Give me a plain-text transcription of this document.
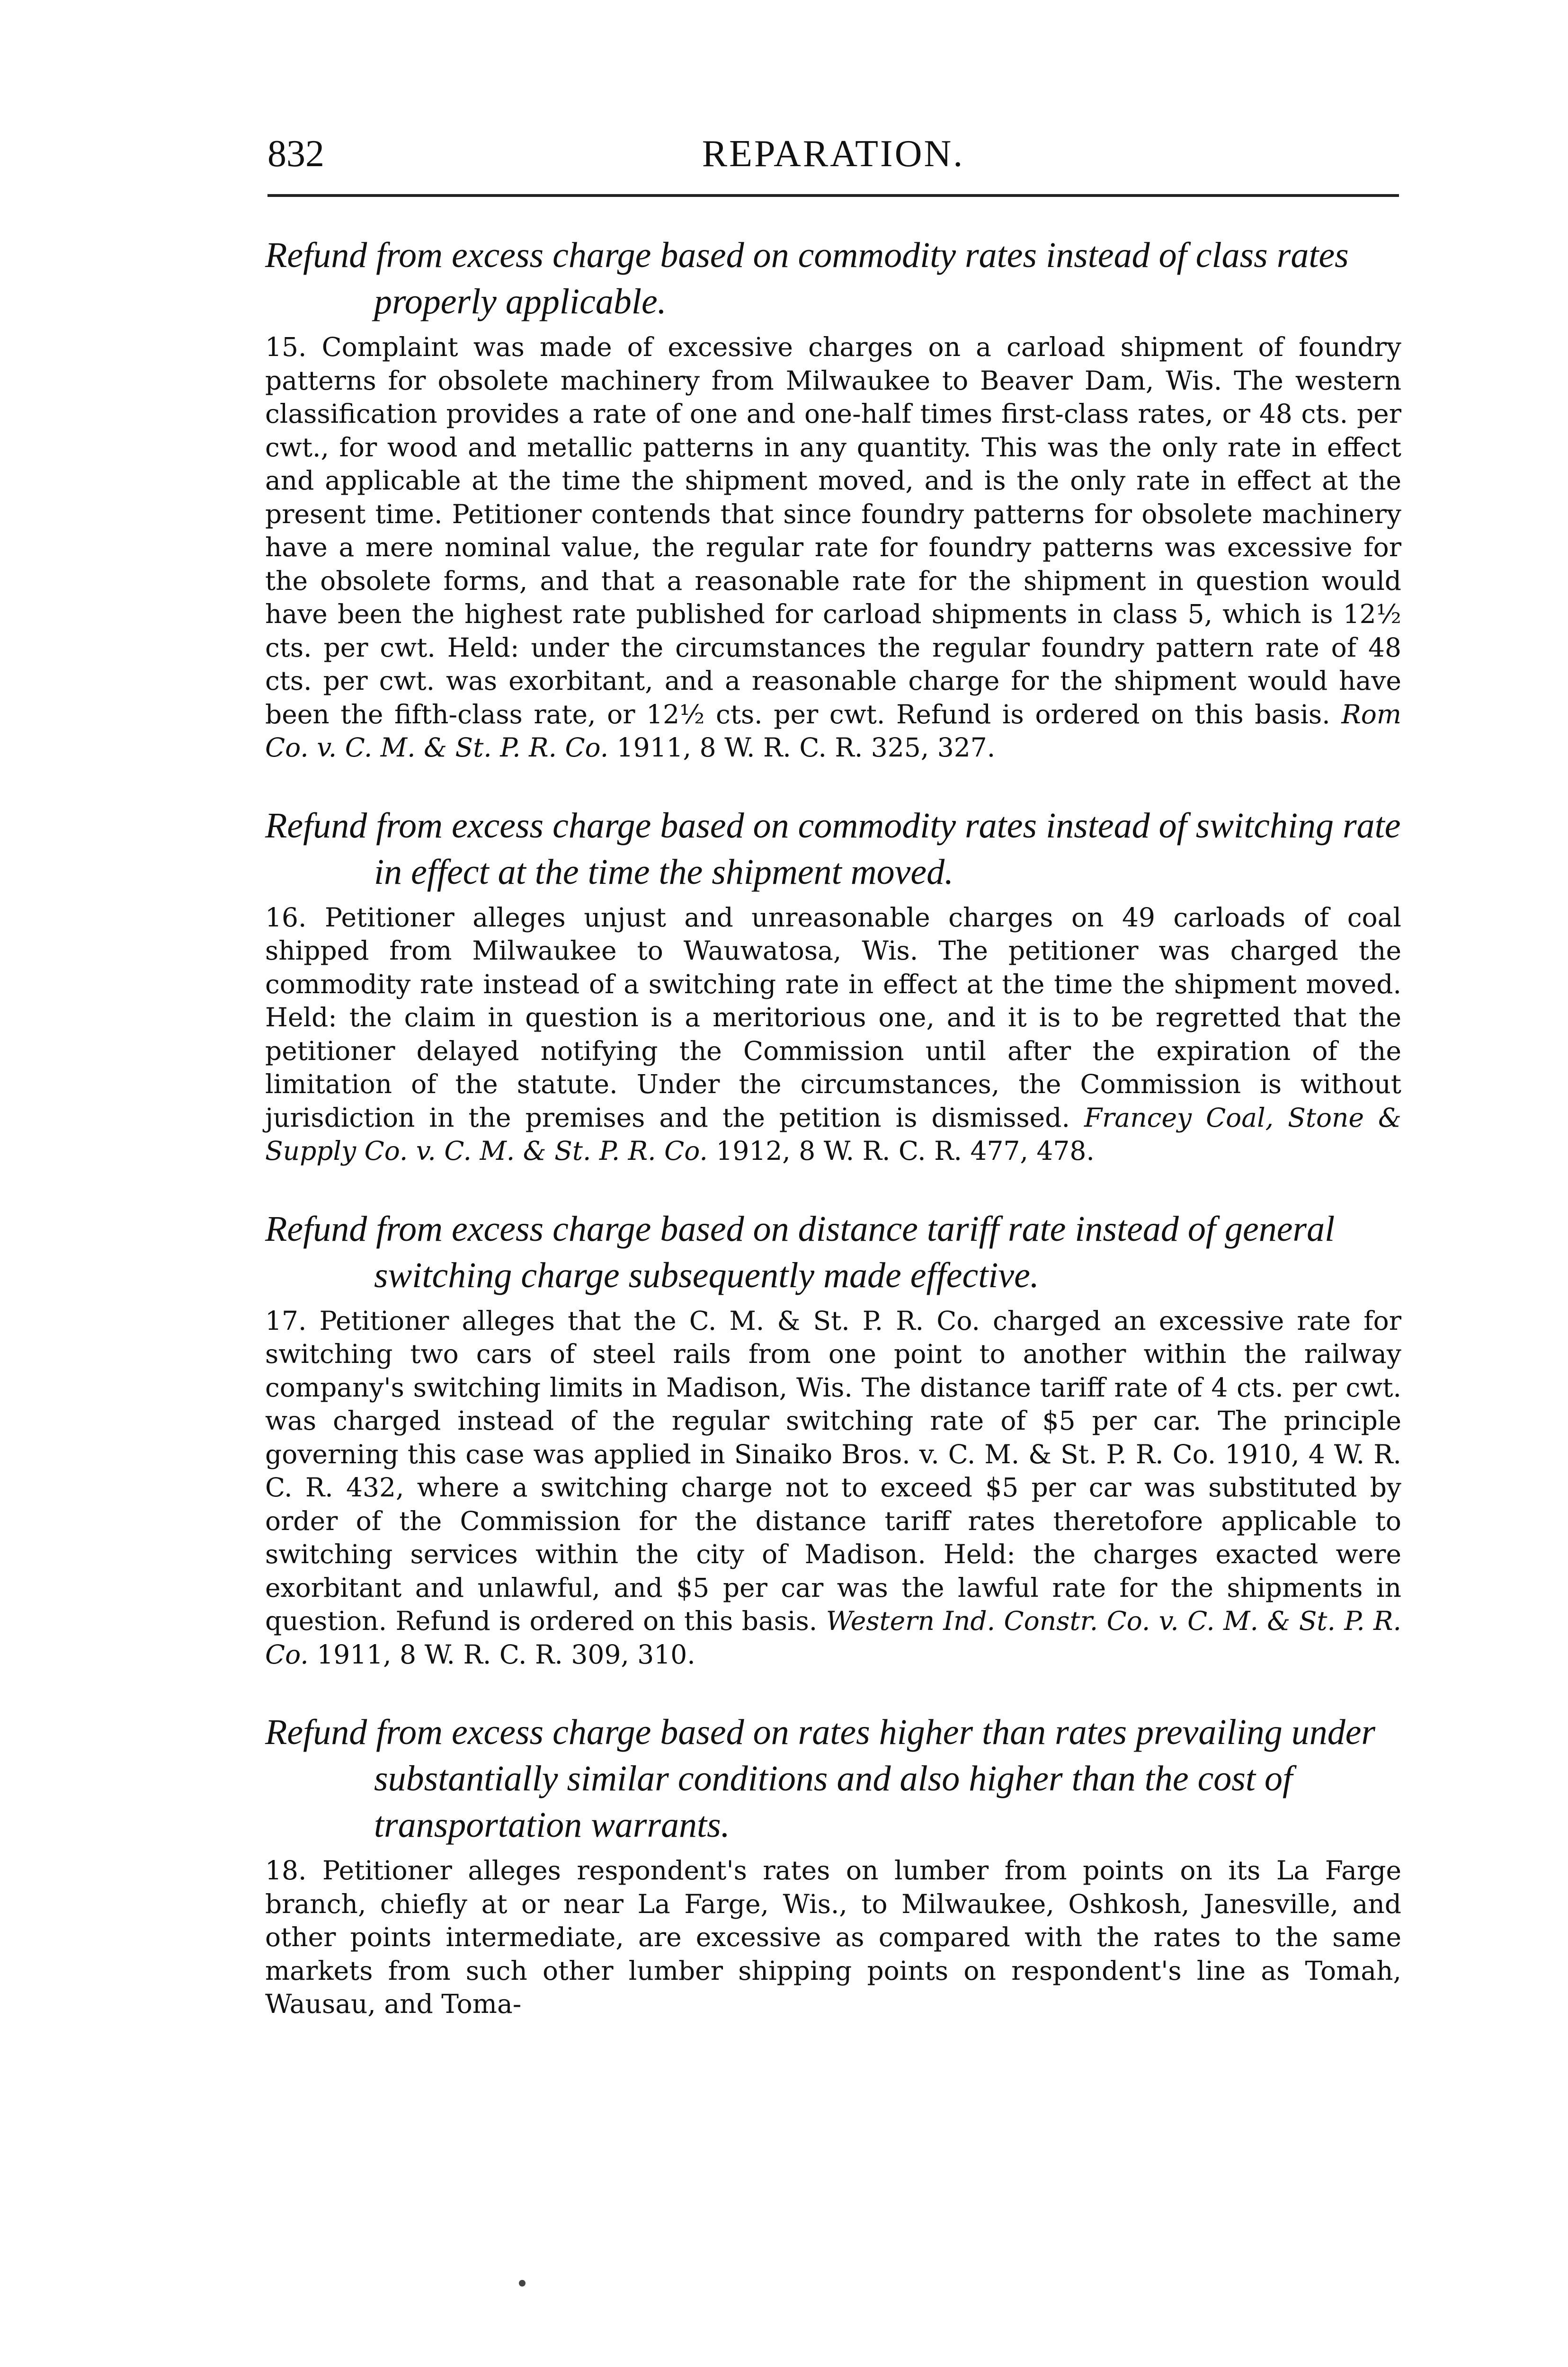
832	REPARATION.

Refund from excess charge based on commodity rates instead of class rates properly applicable.

15. Complaint was made of excessive charges on a carload shipment of foundry patterns for obsolete machinery from Milwaukee to Beaver Dam, Wis. The western classification provides a rate of one and one-half times first-class rates, or 48 cts. per cwt., for wood and metallic patterns in any quantity. This was the only rate in effect and applicable at the time the shipment moved, and is the only rate in effect at the present time. Petitioner contends that since foundry patterns for obsolete machinery have a mere nominal value, the regular rate for foundry patterns was excessive for the obsolete forms, and that a reasonable rate for the shipment in question would have been the highest rate published for carload shipments in class 5, which is 12½ cts. per cwt. Held: under the circumstances the regular foundry pattern rate of 48 cts. per cwt. was exorbitant, and a reasonable charge for the shipment would have been the fifth-class rate, or 12½ cts. per cwt. Refund is ordered on this basis. Rom Co. v. C. M. & St. P. R. Co. 1911, 8 W. R. C. R. 325, 327.

Refund from excess charge based on commodity rates instead of switching rate in effect at the time the shipment moved.

16. Petitioner alleges unjust and unreasonable charges on 49 carloads of coal shipped from Milwaukee to Wauwatosa, Wis. The petitioner was charged the commodity rate instead of a switching rate in effect at the time the shipment moved. Held: the claim in question is a meritorious one, and it is to be regretted that the petitioner delayed notifying the Commission until after the expiration of the limitation of the statute. Under the circumstances, the Commission is without jurisdiction in the premises and the petition is dismissed. Francey Coal, Stone & Supply Co. v. C. M. & St. P. R. Co. 1912, 8 W. R. C. R. 477, 478.

Refund from excess charge based on distance tariff rate instead of general switching charge subsequently made effective.

17. Petitioner alleges that the C. M. & St. P. R. Co. charged an excessive rate for switching two cars of steel rails from one point to another within the railway company's switching limits in Madison, Wis. The distance tariff rate of 4 cts. per cwt. was charged instead of the regular switching rate of $5 per car. The principle governing this case was applied in Sinaiko Bros. v. C. M. & St. P. R. Co. 1910, 4 W. R. C. R. 432, where a switching charge not to exceed $5 per car was substituted by order of the Commission for the distance tariff rates theretofore applicable to switching services within the city of Madison. Held: the charges exacted were exorbitant and unlawful, and $5 per car was the lawful rate for the shipments in question. Refund is ordered on this basis. Western Ind. Constr. Co. v. C. M. & St. P. R. Co. 1911, 8 W. R. C. R. 309, 310.

Refund from excess charge based on rates higher than rates prevailing under substantially similar conditions and also higher than the cost of transportation warrants.

18. Petitioner alleges respondent's rates on lumber from points on its La Farge branch, chiefly at or near La Farge, Wis., to Milwaukee, Oshkosh, Janesville, and other points intermediate, are excessive as compared with the rates to the same markets from such other lumber shipping points on respondent's line as Tomah, Wausau, and Toma-
